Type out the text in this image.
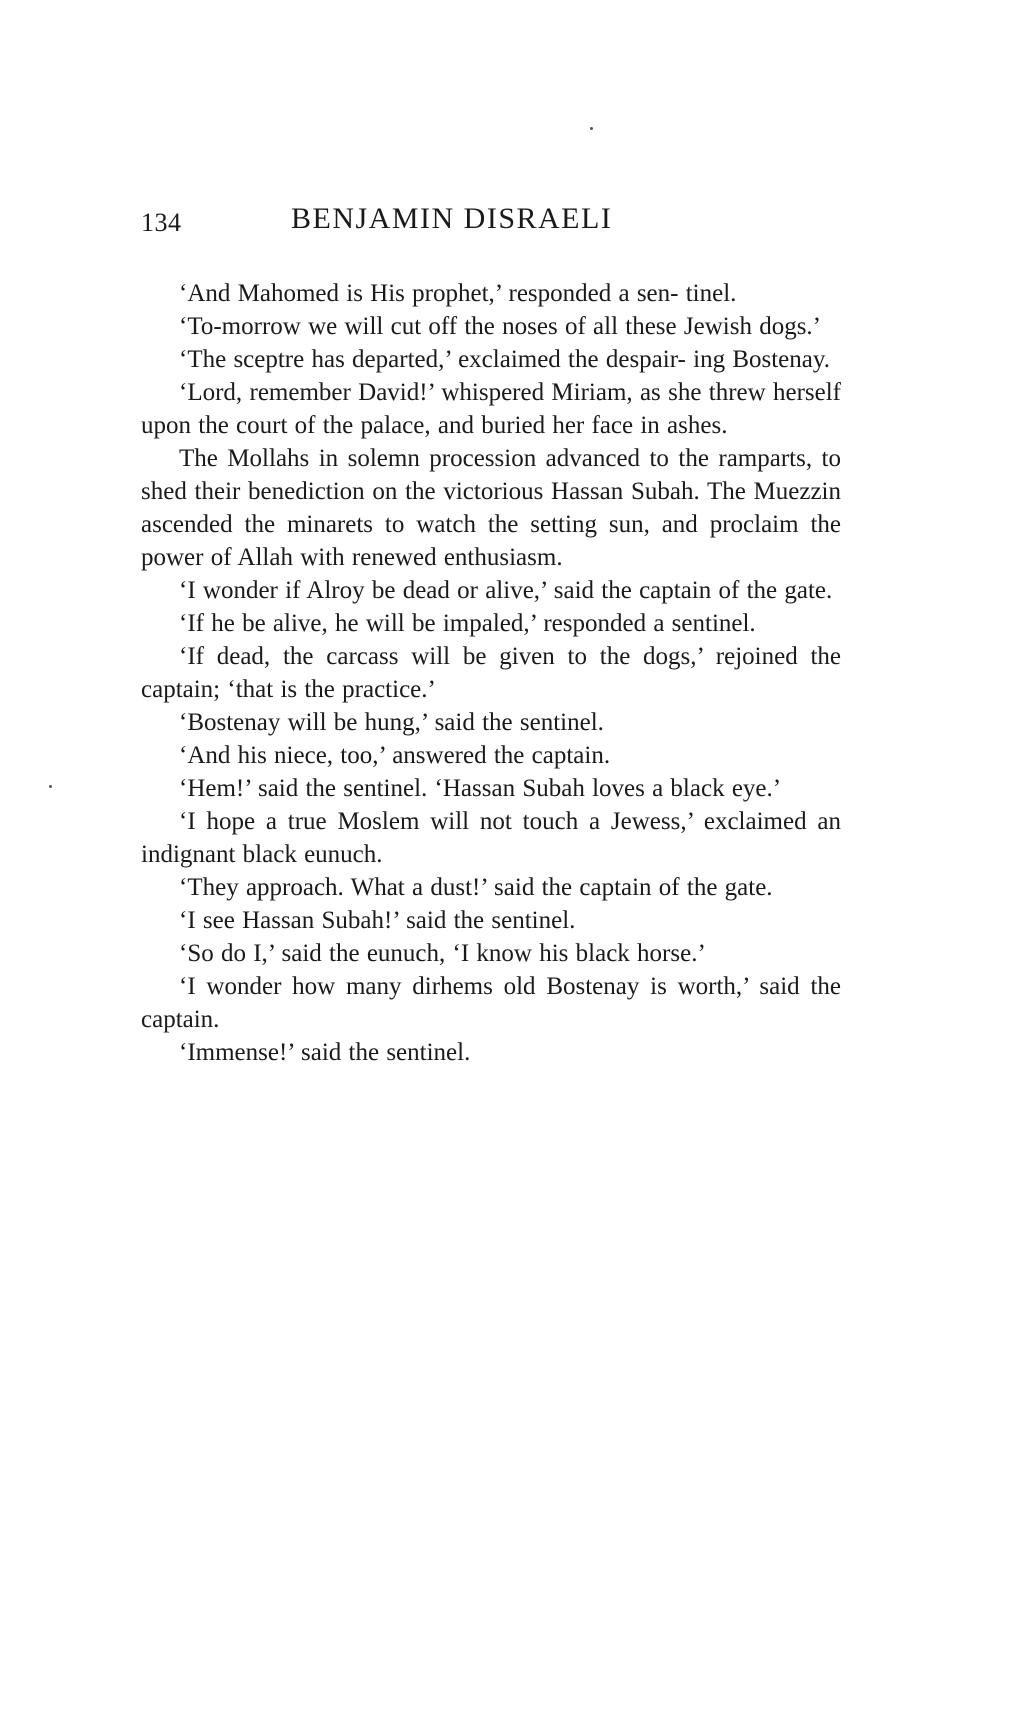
134	BENJAMIN DISRAELI

‘And Mahomed is His prophet,’ responded a sen- tinel.

‘To-morrow we will cut off the noses of all these Jewish dogs.’

‘The sceptre has departed,’ exclaimed the despair- ing Bostenay.

‘Lord, remember David!’ whispered Miriam, as she threw herself upon the court of the palace, and buried her face in ashes.

The Mollahs in solemn procession advanced to the ramparts, to shed their benediction on the victorious Hassan Subah. The Muezzin ascended the minarets to watch the setting sun, and proclaim the power of Allah with renewed enthusiasm.

‘I wonder if Alroy be dead or alive,’ said the captain of the gate.

‘If he be alive, he will be impaled,’ responded a sentinel.

‘If dead, the carcass will be given to the dogs,’ rejoined the captain; ‘that is the practice.’

‘Bostenay will be hung,’ said the sentinel.

‘And his niece, too,’ answered the captain.

‘Hem!’ said the sentinel. ‘Hassan Subah loves a black eye.’

‘I hope a true Moslem will not touch a Jewess,’ exclaimed an indignant black eunuch.

‘They approach. What a dust!’ said the captain of the gate.

‘I see Hassan Subah!’ said the sentinel.

‘So do I,’ said the eunuch, ‘I know his black horse.’

‘I wonder how many dirhems old Bostenay is worth,’ said the captain.

‘Immense!’ said the sentinel.
